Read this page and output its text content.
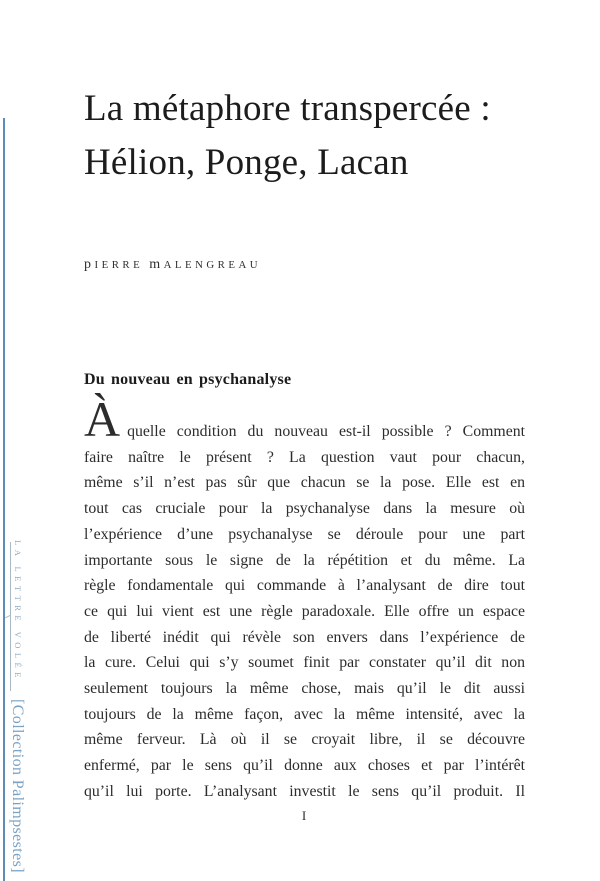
LA LETTRE VOLÉE
[Collection Palimpsestes]
La métaphore transpercée :
Hélion, Ponge, Lacan
pIERRE mALENGREAU
Du nouveau en psychanalyse
Àquelle condition du nouveau est-il possible ? Comment
faire naître le présent ? La question vaut pour chacun,
même s’il n’est pas sûr que chacun se la pose. Elle est en
tout cas cruciale pour la psychanalyse dans la mesure où
l’expérience d’une psychanalyse se déroule pour une part
importante sous le signe de la répétition et du même. La
règle fondamentale qui commande à l’analysant de dire tout
ce qui lui vient est une règle paradoxale. Elle offre un espace
de liberté inédit qui révèle son envers dans l’expérience de
la cure. Celui qui s’y soumet finit par constater qu’il dit non
seulement toujours la même chose, mais qu’il le dit aussi
toujours de la même façon, avec la même intensité, avec la
même ferveur. Là où il se croyait libre, il se découvre
enfermé, par le sens qu’il donne aux choses et par l’intérêt
qu’il lui porte. L’analysant investit le sens qu’il produit. Il
I
